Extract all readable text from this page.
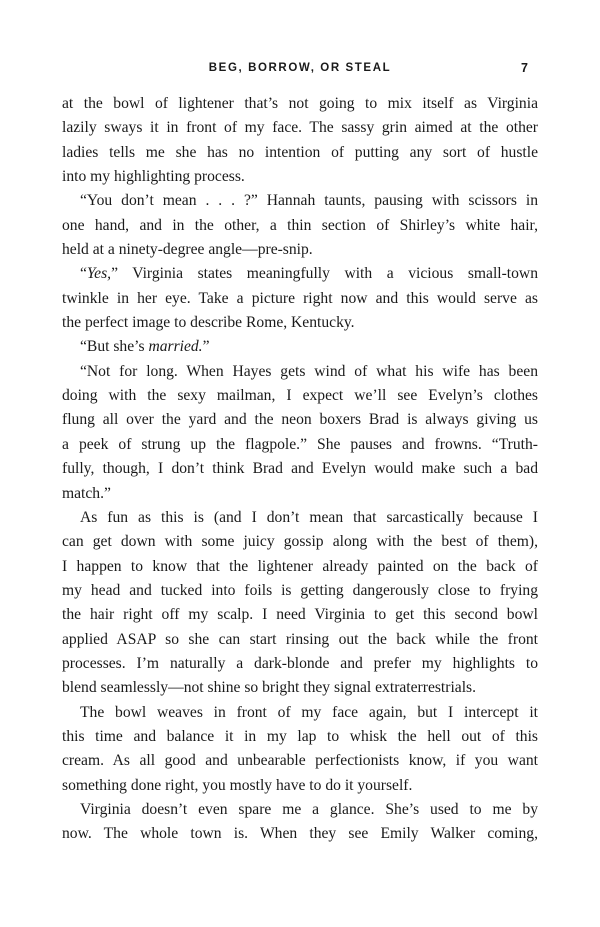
BEG, BORROW, OR STEAL	7
at the bowl of lightener that’s not going to mix itself as Virginia
lazily sways it in front of my face. The sassy grin aimed at the other
ladies tells me she has no intention of putting any sort of hustle
into my highlighting process.
“You don’t mean . . . ?” Hannah taunts, pausing with scissors in
one hand, and in the other, a thin section of Shirley’s white hair,
held at a ninety-degree angle—pre-snip.
“Yes,” Virginia states meaningfully with a vicious small-town
twinkle in her eye. Take a picture right now and this would serve as
the perfect image to describe Rome, Kentucky.
“But she’s married.”
“Not for long. When Hayes gets wind of what his wife has been
doing with the sexy mailman, I expect we’ll see Evelyn’s clothes
flung all over the yard and the neon boxers Brad is always giving us
a peek of strung up the flagpole.” She pauses and frowns. “Truth-
fully, though, I don’t think Brad and Evelyn would make such a bad
match.”
As fun as this is (and I don’t mean that sarcastically because I
can get down with some juicy gossip along with the best of them),
I happen to know that the lightener already painted on the back of
my head and tucked into foils is getting dangerously close to frying
the hair right off my scalp. I need Virginia to get this second bowl
applied ASAP so she can start rinsing out the back while the front
processes. I’m naturally a dark-blonde and prefer my highlights to
blend seamlessly—not shine so bright they signal extraterrestrials.
The bowl weaves in front of my face again, but I intercept it
this time and balance it in my lap to whisk the hell out of this
cream. As all good and unbearable perfectionists know, if you want
something done right, you mostly have to do it yourself.
Virginia doesn’t even spare me a glance. She’s used to me by
now. The whole town is. When they see Emily Walker coming,
